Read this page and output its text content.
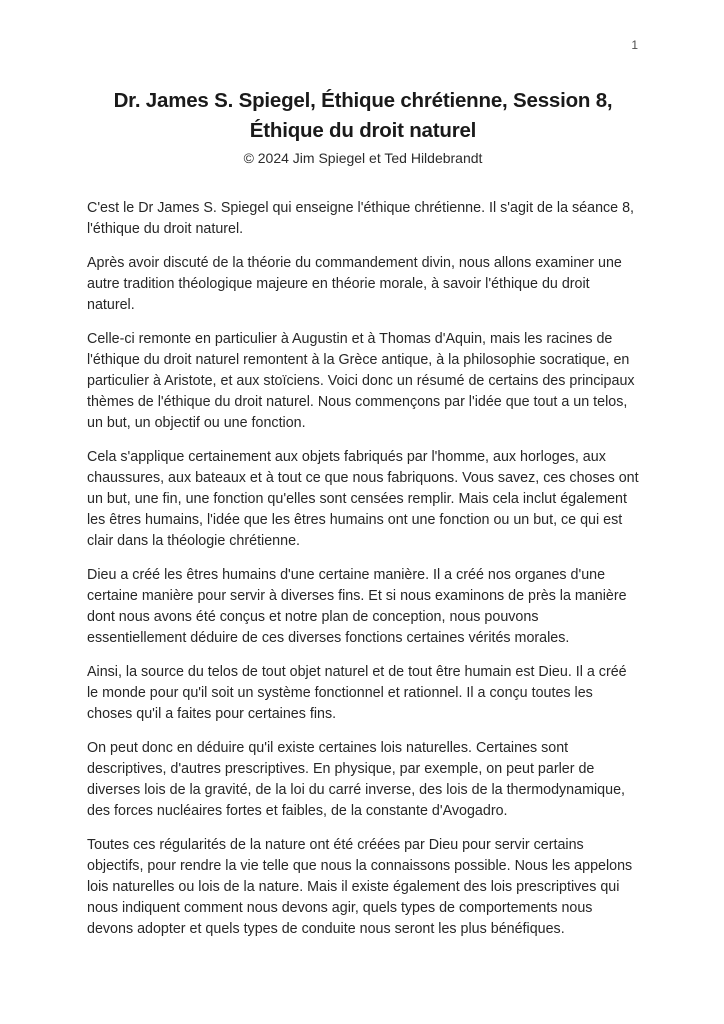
1
Dr. James S. Spiegel, Éthique chrétienne, Session 8,
Éthique du droit naturel
© 2024 Jim Spiegel et Ted Hildebrandt

C'est le Dr James S. Spiegel qui enseigne l'éthique chrétienne. Il s'agit de la séance 8, l'éthique du droit naturel.

Après avoir discuté de la théorie du commandement divin, nous allons examiner une autre tradition théologique majeure en théorie morale, à savoir l'éthique du droit naturel.

Celle-ci remonte en particulier à Augustin et à Thomas d'Aquin, mais les racines de l'éthique du droit naturel remontent à la Grèce antique, à la philosophie socratique, en particulier à Aristote, et aux stoïciens. Voici donc un résumé de certains des principaux thèmes de l'éthique du droit naturel. Nous commençons par l'idée que tout a un telos, un but, un objectif ou une fonction.

Cela s'applique certainement aux objets fabriqués par l'homme, aux horloges, aux chaussures, aux bateaux et à tout ce que nous fabriquons. Vous savez, ces choses ont un but, une fin, une fonction qu'elles sont censées remplir. Mais cela inclut également les êtres humains, l'idée que les êtres humains ont une fonction ou un but, ce qui est clair dans la théologie chrétienne.

Dieu a créé les êtres humains d'une certaine manière. Il a créé nos organes d'une certaine manière pour servir à diverses fins. Et si nous examinons de près la manière dont nous avons été conçus et notre plan de conception, nous pouvons essentiellement déduire de ces diverses fonctions certaines vérités morales.

Ainsi, la source du telos de tout objet naturel et de tout être humain est Dieu. Il a créé le monde pour qu'il soit un système fonctionnel et rationnel. Il a conçu toutes les choses qu'il a faites pour certaines fins.

On peut donc en déduire qu'il existe certaines lois naturelles. Certaines sont descriptives, d'autres prescriptives. En physique, par exemple, on peut parler de diverses lois de la gravité, de la loi du carré inverse, des lois de la thermodynamique, des forces nucléaires fortes et faibles, de la constante d'Avogadro.

Toutes ces régularités de la nature ont été créées par Dieu pour servir certains objectifs, pour rendre la vie telle que nous la connaissons possible. Nous les appelons lois naturelles ou lois de la nature. Mais il existe également des lois prescriptives qui nous indiquent comment nous devons agir, quels types de comportements nous devons adopter et quels types de conduite nous seront les plus bénéfiques.
